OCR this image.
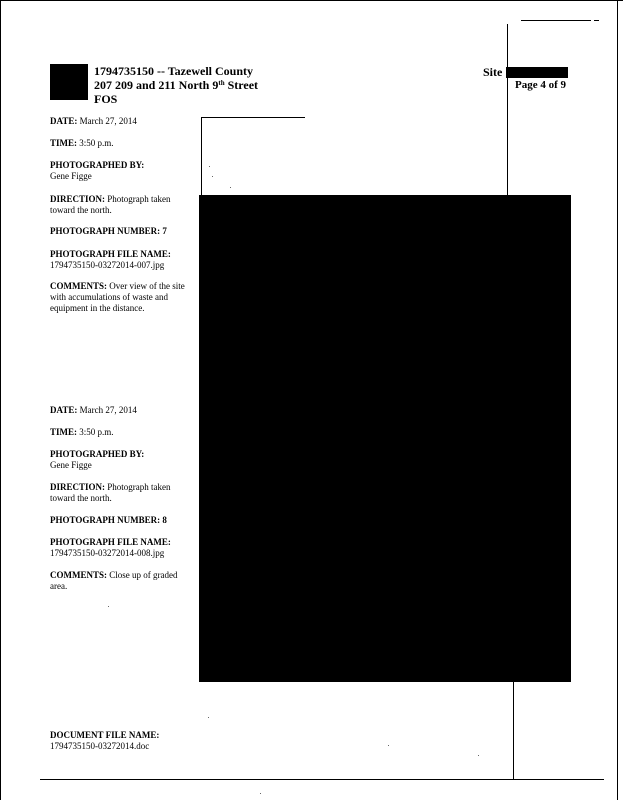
1794735150 -- Tazewell County
207 209 and 211 North 9th Street
FOS
Site
Page 4 of 9
DATE: March 27, 2014
TIME: 3:50 p.m.
PHOTOGRAPHED BY:
Gene Figge
DIRECTION: Photograph taken toward the north.
PHOTOGRAPH NUMBER: 7
PHOTOGRAPH FILE NAME:
1794735150-03272014-007.jpg
COMMENTS: Over view of the site with accumulations of waste and equipment in the distance.
DATE: March 27, 2014
TIME: 3:50 p.m.
PHOTOGRAPHED BY:
Gene Figge
DIRECTION: Photograph taken toward the north.
PHOTOGRAPH NUMBER: 8
PHOTOGRAPH FILE NAME:
1794735150-03272014-008.jpg
COMMENTS: Close up of graded area.
DOCUMENT FILE NAME:
1794735150-03272014.doc
